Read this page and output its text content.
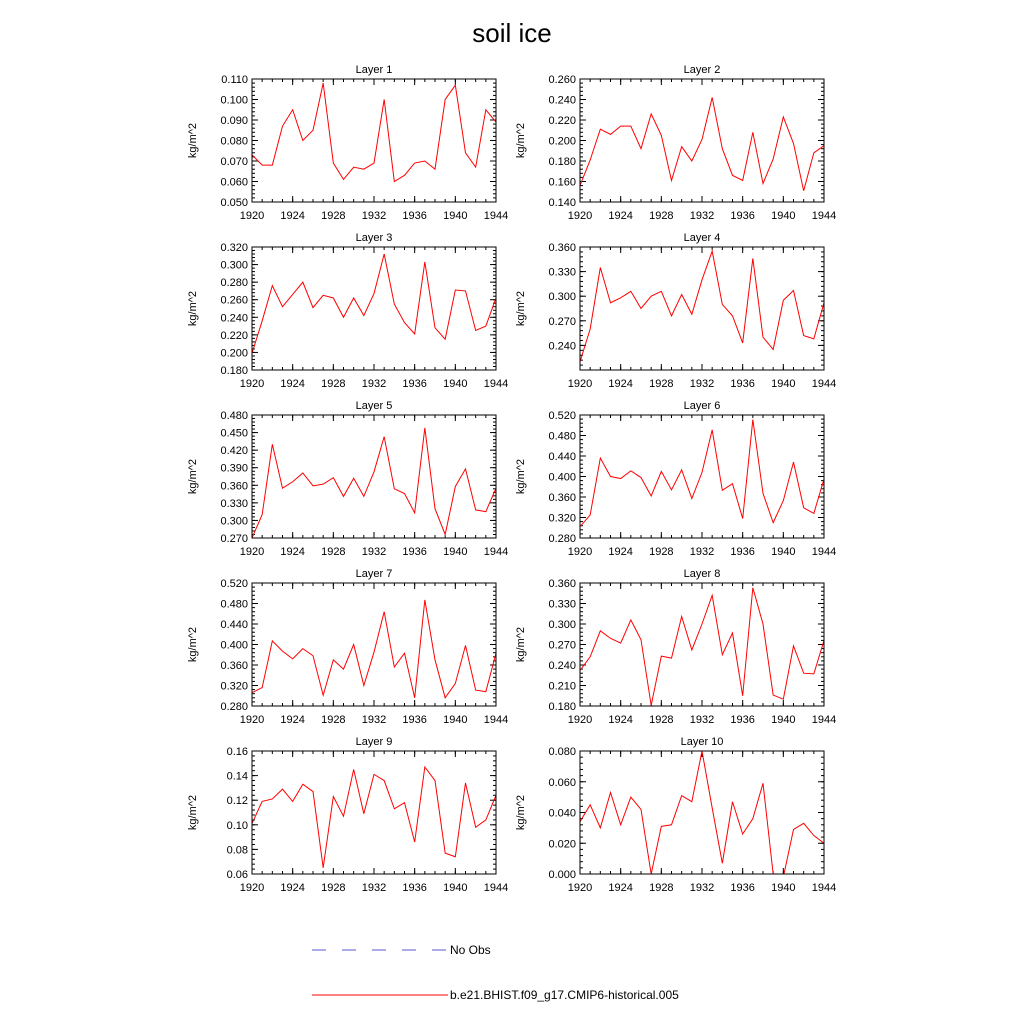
soil ice
Layer 1
kg/m^2
1920 1924 1928 1932 1936 1940 1944
0.050
0.060
0.070
0.080
0.090
0.100
0.110
Layer 2
kg/m^2
1920 1924 1928 1932 1936 1940 1944
0.140
0.160
0.180
0.200
0.220
0.240
0.260
Layer 3
kg/m^2
1920 1924 1928 1932 1936 1940 1944
0.180
0.200
0.220
0.240
0.260
0.280
0.300
0.320
Layer 4
kg/m^2
1920 1924 1928 1932 1936 1940 1944
0.240
0.270
0.300
0.330
0.360
Layer 5
kg/m^2
1920 1924 1928 1932 1936 1940 1944
0.270
0.300
0.330
0.360
0.390
0.420
0.450
0.480
Layer 6
kg/m^2
1920 1924 1928 1932 1936 1940 1944
0.280
0.320
0.360
0.400
0.440
0.480
0.520
Layer 7
kg/m^2
1920 1924 1928 1932 1936 1940 1944
0.280
0.320
0.360
0.400
0.440
0.480
0.520
Layer 8
kg/m^2
1920 1924 1928 1932 1936 1940 1944
0.180
0.210
0.240
0.270
0.300
0.330
0.360
Layer 9
kg/m^2
1920 1924 1928 1932 1936 1940 1944
0.06
0.08
0.10
0.12
0.14
0.16
Layer 10
kg/m^2
1920 1924 1928 1932 1936 1940 1944
0.000
0.020
0.040
0.060
0.080
No Obs
b.e21.BHIST.f09_g17.CMIP6-historical.005
